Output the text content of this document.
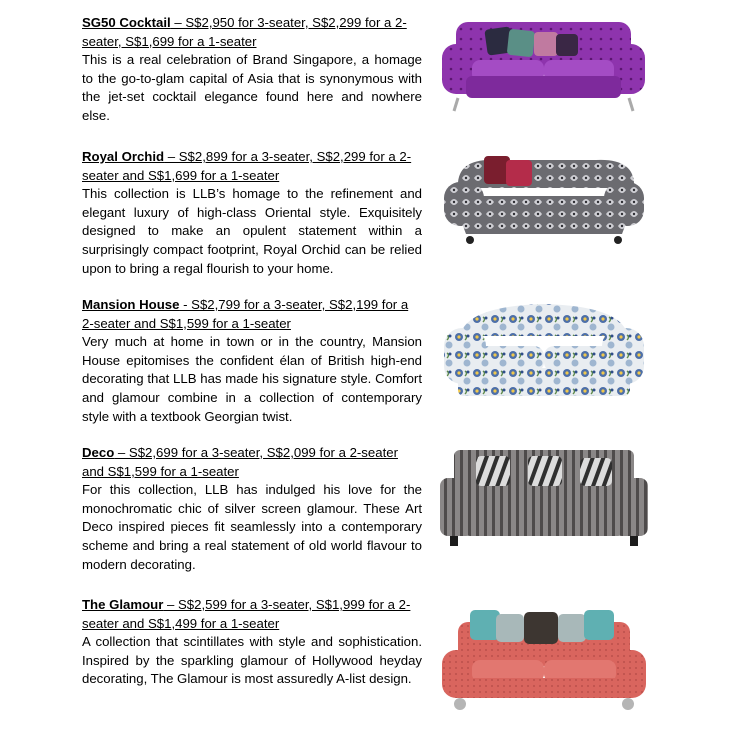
SG50 Cocktail – S$2,950 for 3-seater, S$2,299 for a 2-seater, S$1,699 for a 1-seater
This is a real celebration of Brand Singapore, a homage to the go-to-glam capital of Asia that is synonymous with the jet-set cocktail elegance found here and nowhere else.
Royal Orchid – S$2,899 for a 3-seater, S$2,299 for a 2-seater and S$1,699 for a 1-seater
This collection is LLB’s homage to the refinement and elegant luxury of high-class Oriental style. Exquisitely designed to make an opulent statement within a surprisingly compact footprint, Royal Orchid can be relied upon to bring a regal flourish to your home.
Mansion House - S$2,799 for a 3-seater, S$2,199 for a 2-seater and S$1,599 for a 1-seater
Very much at home in town or in the country, Mansion House epitomises the confident élan of British high-end decorating that LLB has made his signature style. Comfort and glamour combine in a collection of contemporary style with a textbook Georgian twist.
Deco – S$2,699 for a 3-seater, S$2,099 for a 2-seater and S$1,599 for a 1-seater
For this collection, LLB has indulged his love for the monochromatic chic of silver screen glamour. These Art Deco inspired pieces fit seamlessly into a contemporary scheme and bring a real statement of old world flavour to modern decorating.
The Glamour – S$2,599 for a 3-seater, S$1,999 for a 2-seater and S$1,499 for a 1-seater
A collection that scintillates with style and sophistication. Inspired by the sparkling glamour of Hollywood heyday decorating, The Glamour is most assuredly A-list design.
